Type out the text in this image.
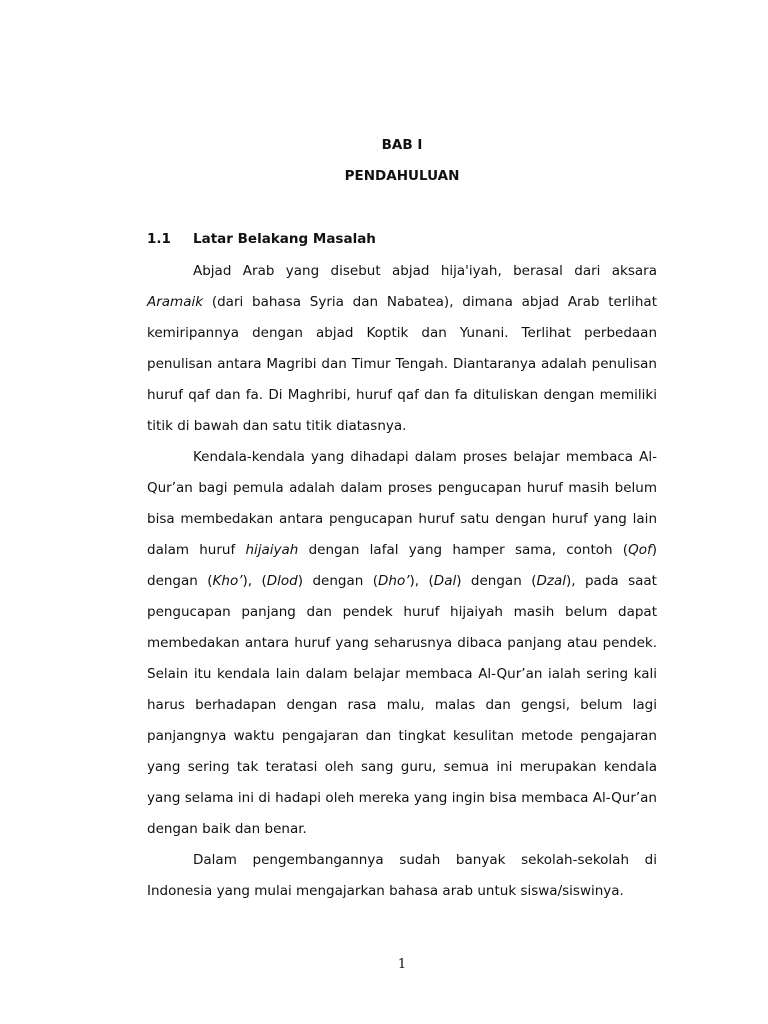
BAB I
PENDAHULUAN
1.1 Latar Belakang Masalah

Abjad Arab yang disebut abjad hija'iyah, berasal dari aksara Aramaik (dari bahasa Syria dan Nabatea), dimana abjad Arab terlihat kemiripannya dengan abjad Koptik dan Yunani. Terlihat perbedaan penulisan antara Magribi dan Timur Tengah. Diantaranya adalah penulisan huruf qaf dan fa. Di Maghribi, huruf qaf dan fa dituliskan dengan memiliki titik di bawah dan satu titik diatasnya.

Kendala-kendala yang dihadapi dalam proses belajar membaca Al-Qur’an bagi pemula adalah dalam proses pengucapan huruf masih belum bisa membedakan antara pengucapan huruf satu dengan huruf yang lain dalam huruf hijaiyah dengan lafal yang hamper sama, contoh (Qof) dengan (Kho’), (Dlod) dengan (Dho’), (Dal) dengan (Dzal), pada saat pengucapan panjang dan pendek huruf hijaiyah masih belum dapat membedakan antara huruf yang seharusnya dibaca panjang atau pendek. Selain itu kendala lain dalam belajar membaca Al-Qur’an ialah sering kali harus berhadapan dengan rasa malu, malas dan gengsi, belum lagi panjangnya waktu pengajaran dan tingkat kesulitan metode pengajaran yang sering tak teratasi oleh sang guru, semua ini merupakan kendala yang selama ini di hadapi oleh mereka yang ingin bisa membaca Al-Qur’an dengan baik dan benar.

Dalam pengembangannya sudah banyak sekolah-sekolah di Indonesia yang mulai mengajarkan bahasa arab untuk siswa/siswinya.

1
